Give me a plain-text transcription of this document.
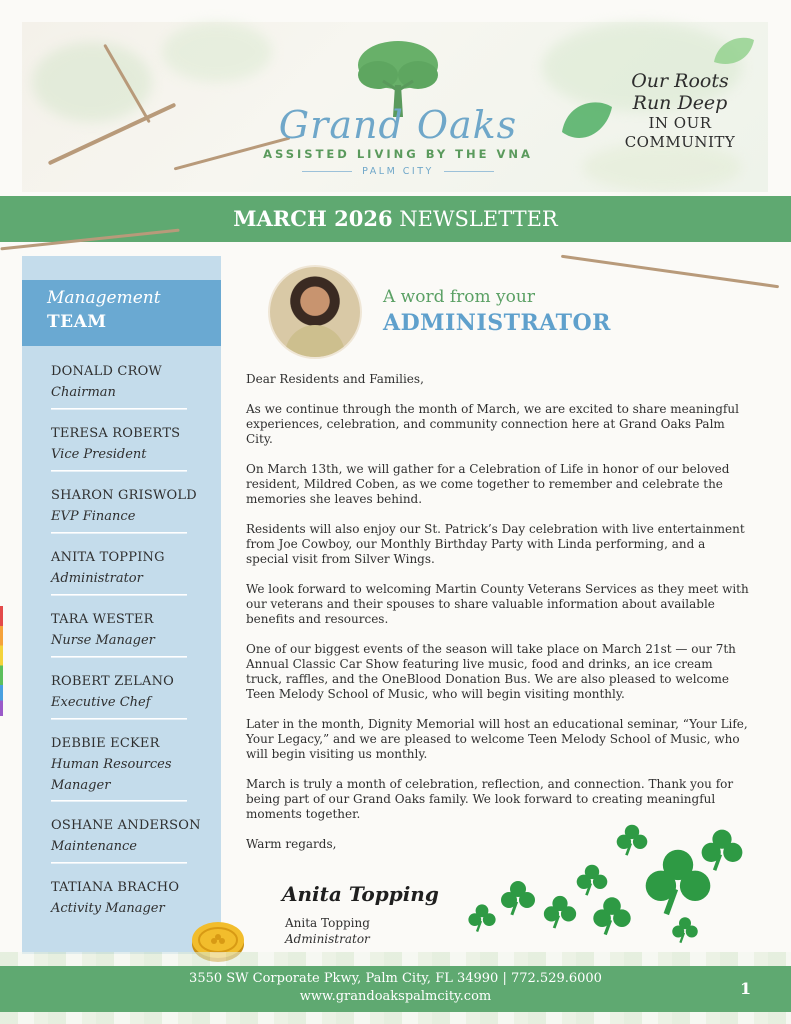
Grand Oaks
ASSISTED LIVING BY THE VNA
PALM CITY
Our Roots
Run Deep
IN OUR
COMMUNITY
MARCH 2026 NEWSLETTER
Management
TEAM
DONALD CROW
Chairman
TERESA ROBERTS
Vice President
SHARON GRISWOLD
EVP Finance
ANITA TOPPING
Administrator
TARA WESTER
Nurse Manager
ROBERT ZELANO
Executive Chef
DEBBIE ECKER
Human Resources
Manager
OSHANE ANDERSON
Maintenance
TATIANA BRACHO
Activity Manager
A word from your
ADMINISTRATOR

Dear Residents and Families,

As we continue through the month of March, we are excited to share meaningful experiences, celebration, and community connection here at Grand Oaks Palm City.

On March 13th, we will gather for a Celebration of Life in honor of our beloved resident, Mildred Coben, as we come together to remember and celebrate the memories she leaves behind.

Residents will also enjoy our St. Patrick’s Day celebration with live entertainment from Joe Cowboy, our Monthly Birthday Party with Linda performing, and a special visit from Silver Wings.

We look forward to welcoming Martin County Veterans Services as they meet with our veterans and their spouses to share valuable information about available benefits and resources.

One of our biggest events of the season will take place on March 21st — our 7th Annual Classic Car Show featuring live music, food and drinks, an ice cream truck, raffles, and the OneBlood Donation Bus. We are also pleased to welcome Teen Melody School of Music, who will begin visiting monthly.

Later in the month, Dignity Memorial will host an educational seminar, “Your Life, Your Legacy,” and we are pleased to welcome Teen Melody School of Music, who will begin visiting us monthly.

March is truly a month of celebration, reflection, and connection. Thank you for being part of our Grand Oaks family. We look forward to creating meaningful moments together.

Warm regards,

Anita Topping
Anita Topping
Administrator
3550 SW Corporate Pkwy, Palm City, FL 34990 | 772.529.6000
www.grandoakspalmcity.com	1
